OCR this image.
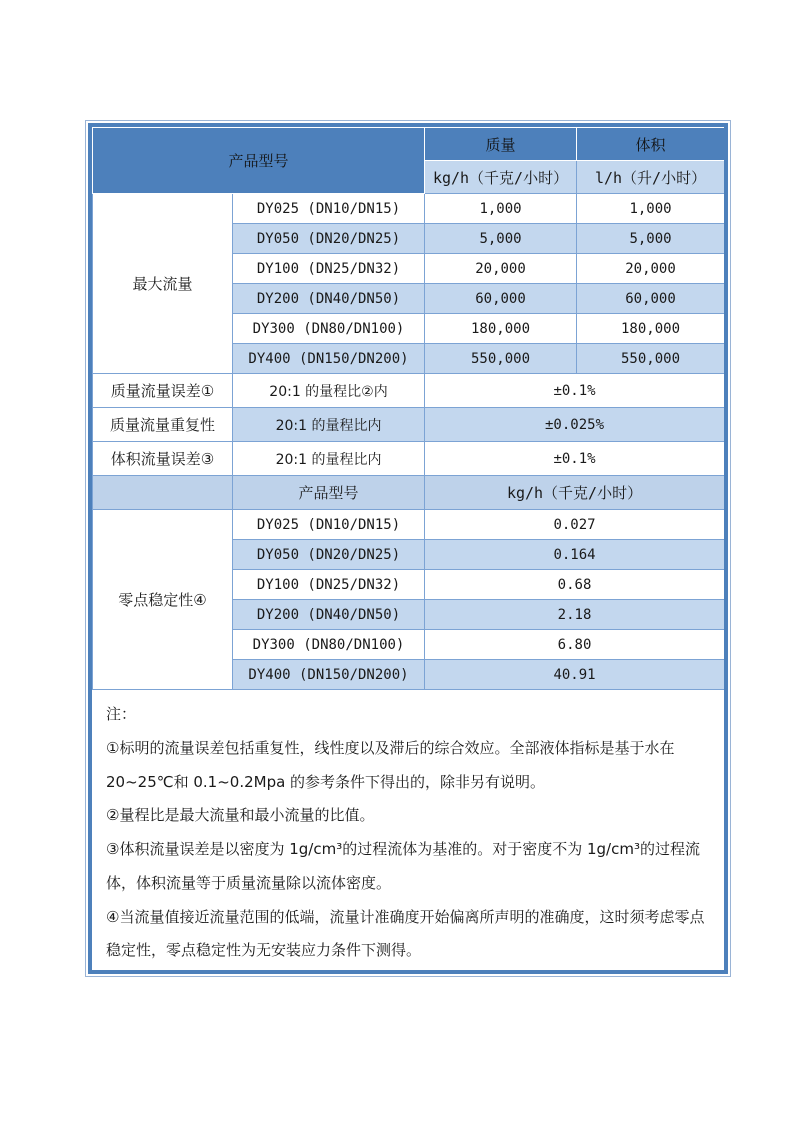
产品型号		质量	体积
		kg/h（千克/小时）	l/h（升/小时）
最大流量	DY025 (DN10/DN15)	1,000	1,000
	DY050 (DN20/DN25)	5,000	5,000
	DY100 (DN25/DN32)	20,000	20,000
	DY200 (DN40/DN50)	60,000	60,000
	DY300 (DN80/DN100)	180,000	180,000
	DY400 (DN150/DN200)	550,000	550,000
质量流量误差①	20:1 的量程比②内	±0.1%	
质量流量重复性	20:1 的量程比内	±0.025%	
体积流量误差③	20:1 的量程比内	±0.1%	
	产品型号	kg/h（千克/小时）	
零点稳定性④	DY025 (DN10/DN15)	0.027	
	DY050 (DN20/DN25)	0.164	
	DY100 (DN25/DN32)	0.68	
	DY200 (DN40/DN50)	2.18	
	DY300 (DN80/DN100)	6.80	
	DY400 (DN150/DN200)	40.91	

注：

①标明的流量误差包括重复性，线性度以及滞后的综合效应。全部液体指标是基于水在 20~25℃和 0.1~0.2Mpa 的参考条件下得出的，除非另有说明。

②量程比是最大流量和最小流量的比值。

③体积流量误差是以密度为 1g/cm³的过程流体为基准的。对于密度不为 1g/cm³的过程流体，体积流量等于质量流量除以流体密度。

④当流量值接近流量范围的低端，流量计准确度开始偏离所声明的准确度，这时须考虑零点稳定性，零点稳定性为无安装应力条件下测得。
